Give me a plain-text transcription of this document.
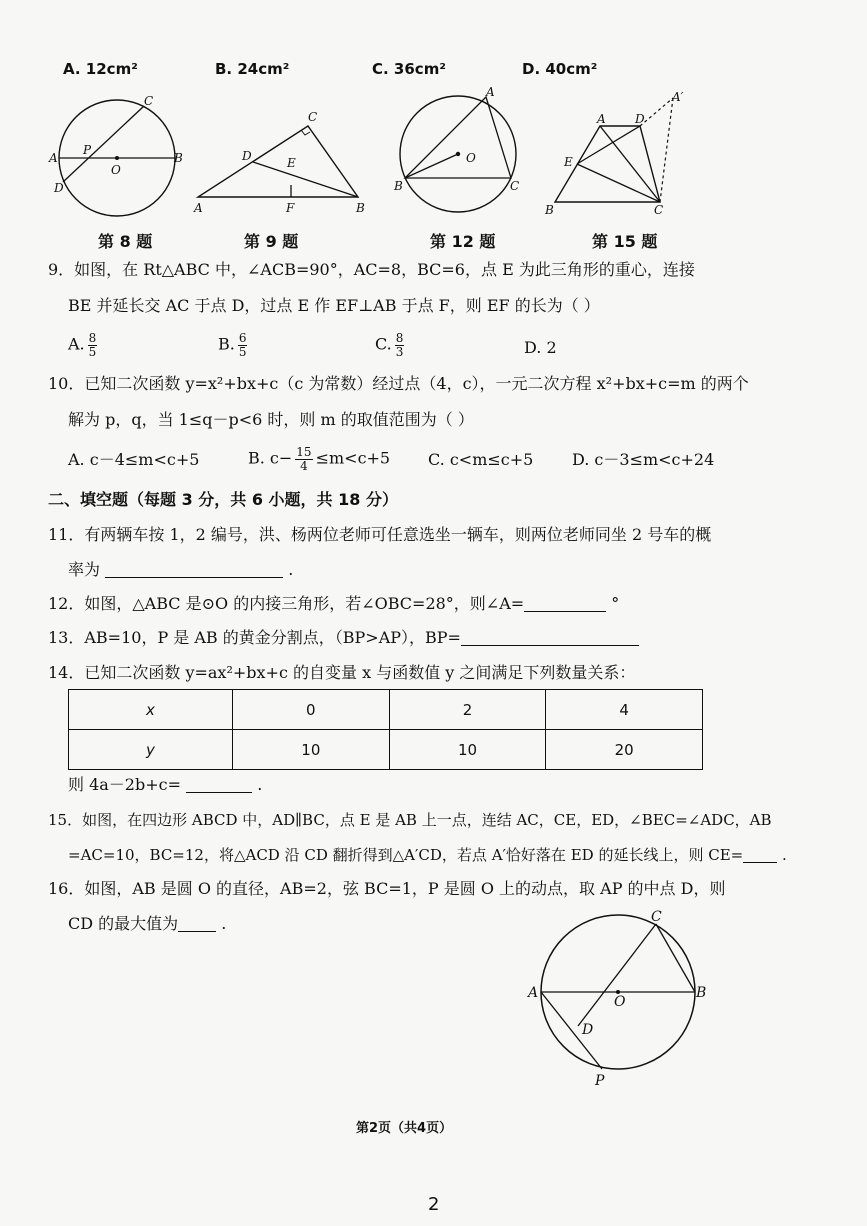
A. 12cm²	B. 24cm²	C. 36cm²	D. 40cm²
C
A
P
O
B
D
C
D	E
A	F	B
A
O
B	C
A D
A′
E
B	C
第 8 题	第 9 题	第 12 题	第 15 题
9．如图，在 Rt△ABC 中，∠ACB=90°，AC=8，BC=6，点 E 为此三角形的重心，连接
BE 并延长交 AC 于点 D，过点 E 作 EF⊥AB 于点 F，则 EF 的长为（ ）
A. $\frac{8}{5}$	B. $\frac{6}{5}$	C. $\frac{8}{3}$	D. 2
10．已知二次函数 y=x²+bx+c（c 为常数）经过点（4，c），一元二次方程 x²+bx+c=m 的两个
解为 p，q，当 1≤q－p<6 时，则 m 的取值范围为（ ）
A. c－4≤m<c+5	B. $c- \frac{15}{4} \le m<c+5$ C. c<m≤c+5 D. c－3≤m<c+24
二、填空题（每题 3 分，共 6 小题，共 18 分）
11．有两辆车按 1，2 编号，洪、杨两位老师可任意选坐一辆车，则两位老师同坐 2 号车的概
率为	.
12．如图，△ABC 是⊙O 的内接三角形，若∠OBC=28°，则∠A=	°
13．AB=10，P 是 AB 的黄金分割点，（BP>AP），BP=
14．已知二次函数 y=ax²+bx+c 的自变量 x 与函数值 y 之间满足下列数量关系：
x	0	2	4
y	10	10	20
则 4a－2b+c=	.
15．如图，在四边形 ABCD 中，AD∥BC，点 E 是 AB 上一点，连结 AC，CE，ED，∠BEC=∠ADC，AB
=AC=10，BC=12，将△ACD 沿 CD 翻折得到△A′CD，若点 A′恰好落在 ED 的延长线上，则 CE=	.
16．如图，AB 是圆 O 的直径，AB=2，弦 BC=1，P 是圆 O 上的动点，取 AP 的中点 D，则
CD 的最大值为	.	C
A
O
B
D
P
第2页（共4页）
2
